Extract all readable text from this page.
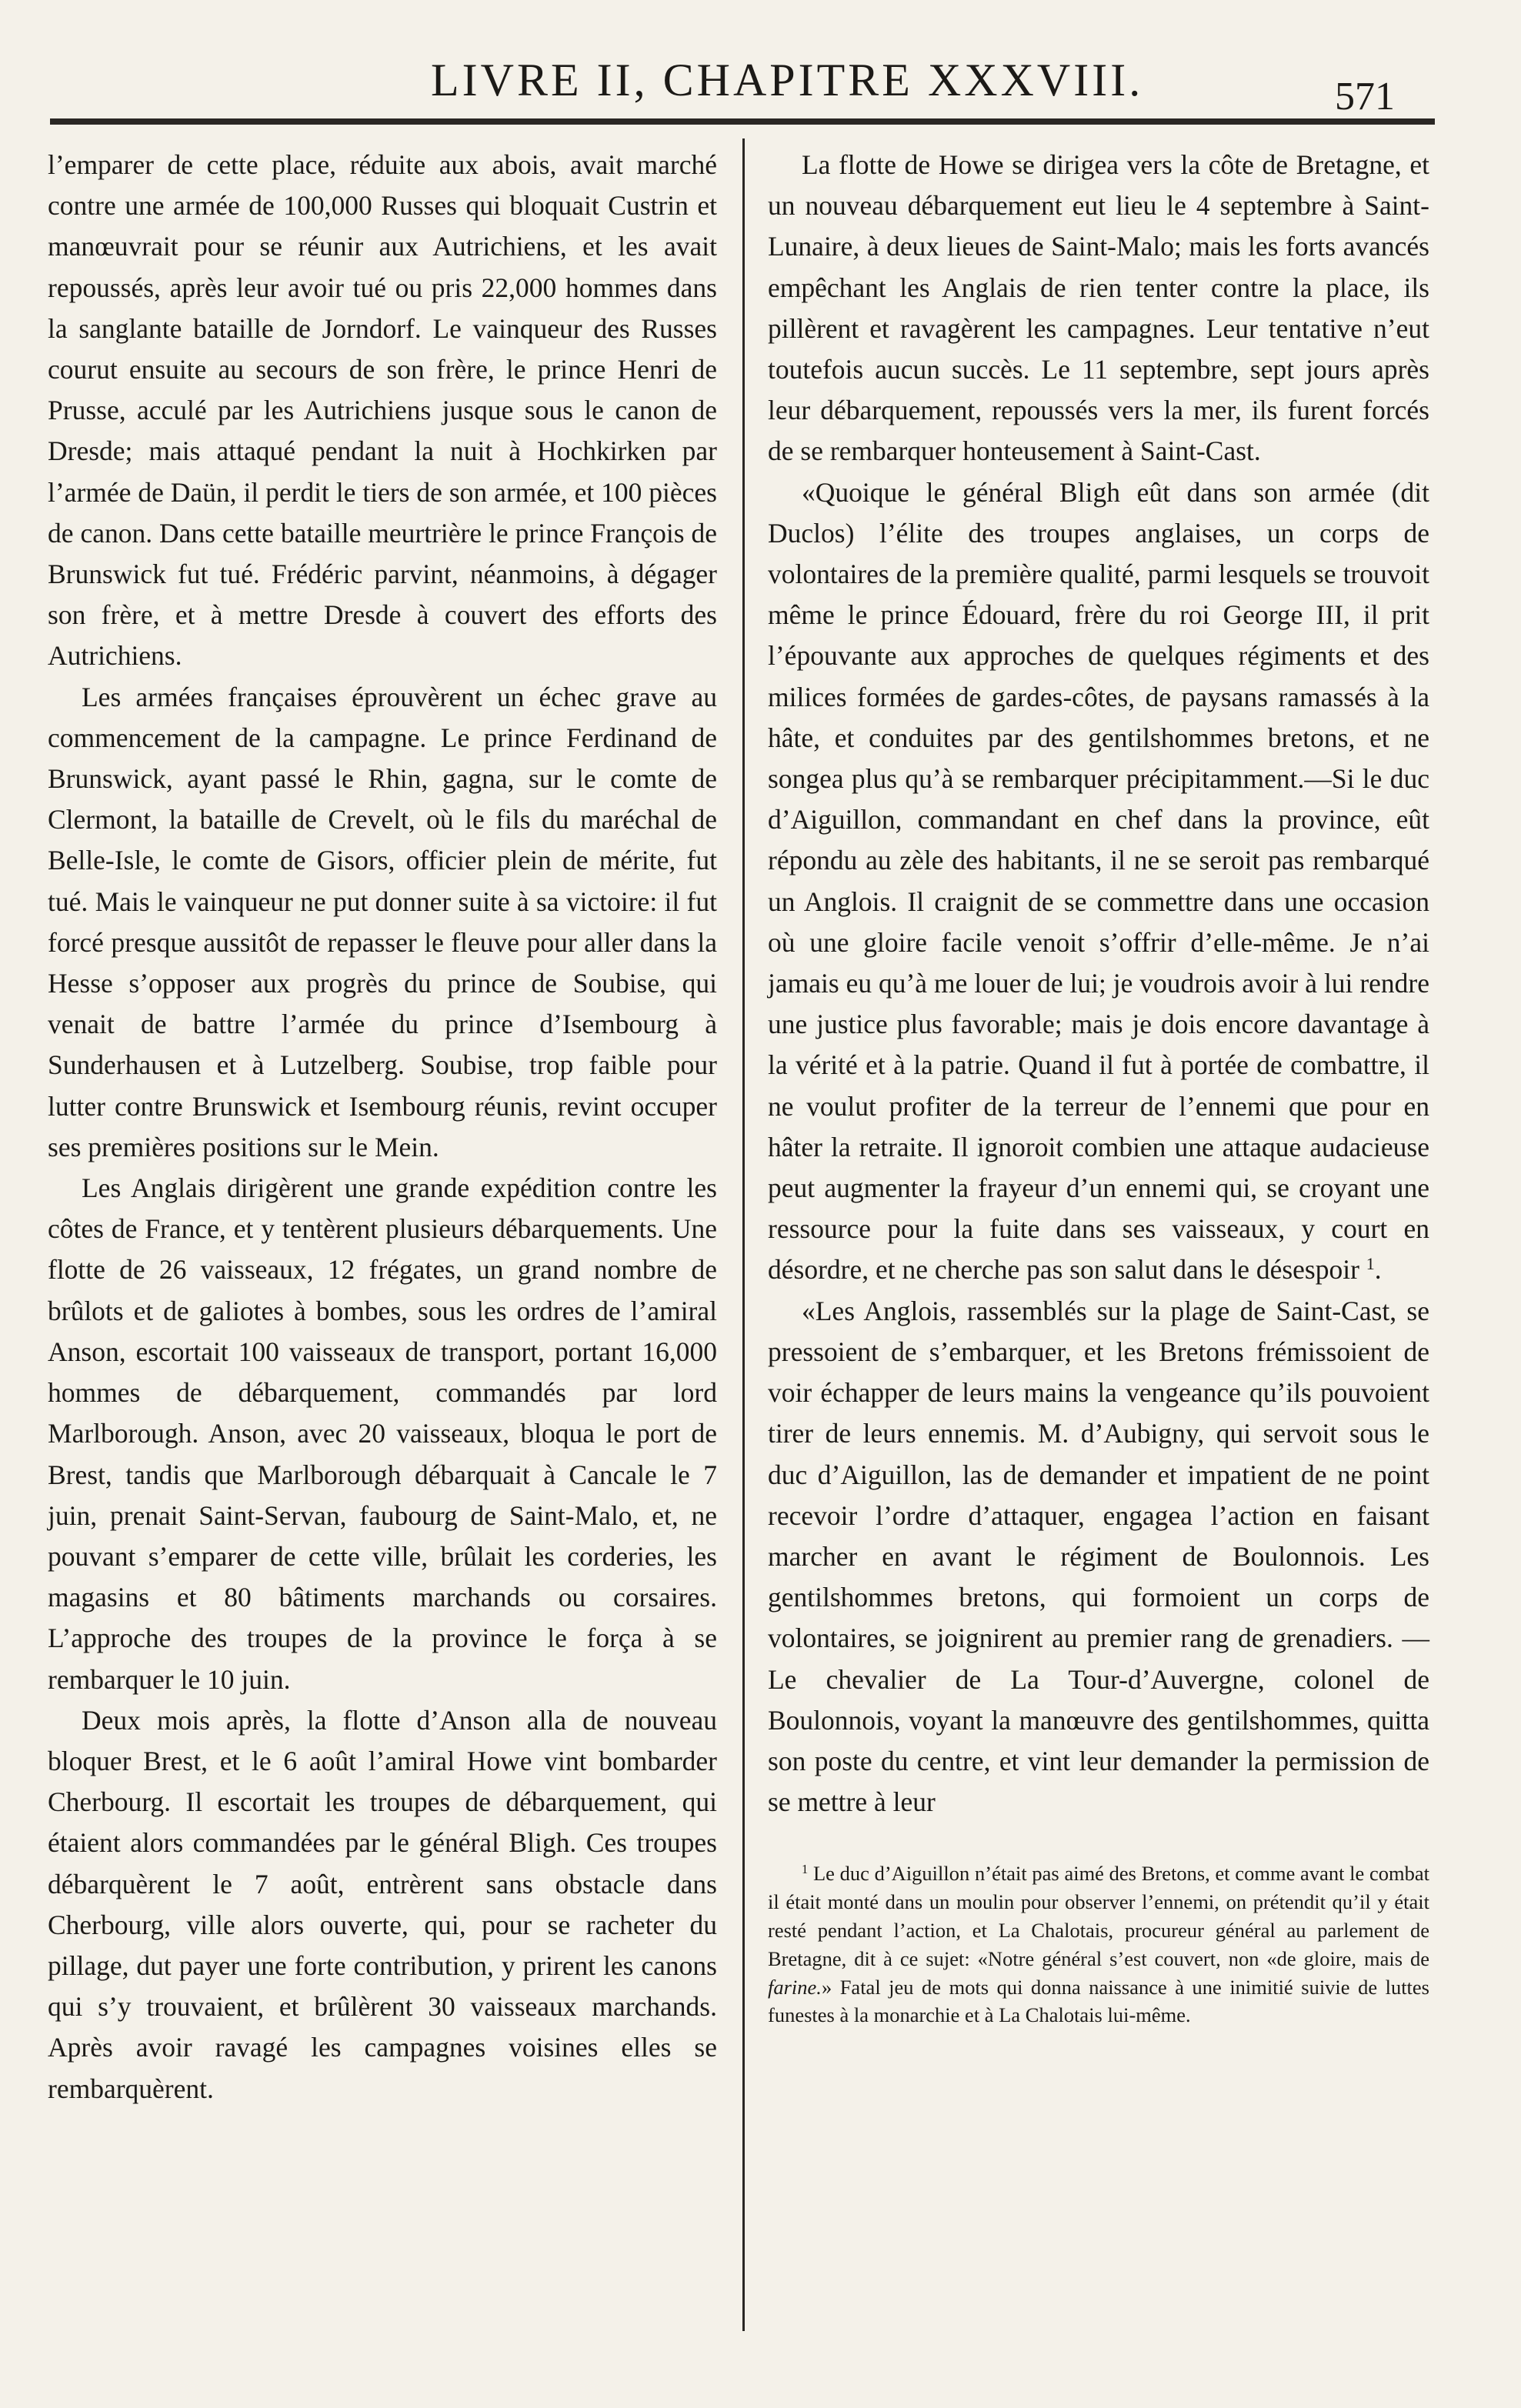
LIVRE II, CHAPITRE XXXVIII.	571

l’emparer de cette place, réduite aux abois, avait marché contre une armée de 100,000 Russes qui bloquait Custrin et manœuvrait pour se réunir aux Autrichiens, et les avait repoussés, après leur avoir tué ou pris 22,000 hommes dans la sanglante bataille de Jorndorf. Le vainqueur des Russes courut ensuite au secours de son frère, le prince Henri de Prusse, acculé par les Autrichiens jusque sous le canon de Dresde; mais attaqué pendant la nuit à Hochkirken par l’armée de Daün, il perdit le tiers de son armée, et 100 pièces de canon. Dans cette bataille meurtrière le prince François de Brunswick fut tué. Frédéric parvint, néanmoins, à dégager son frère, et à mettre Dresde à couvert des efforts des Autrichiens.

Les armées françaises éprouvèrent un échec grave au commencement de la campagne. Le prince Ferdinand de Brunswick, ayant passé le Rhin, gagna, sur le comte de Clermont, la bataille de Crevelt, où le fils du maréchal de Belle-Isle, le comte de Gisors, officier plein de mérite, fut tué. Mais le vainqueur ne put donner suite à sa victoire: il fut forcé presque aussitôt de repasser le fleuve pour aller dans la Hesse s’opposer aux progrès du prince de Soubise, qui venait de battre l’armée du prince d’Isembourg à Sunderhausen et à Lutzelberg. Soubise, trop faible pour lutter contre Brunswick et Isembourg réunis, revint occuper ses premières positions sur le Mein.

Les Anglais dirigèrent une grande expédition contre les côtes de France, et y tentèrent plusieurs débarquements. Une flotte de 26 vaisseaux, 12 frégates, un grand nombre de brûlots et de galiotes à bombes, sous les ordres de l’amiral Anson, escortait 100 vaisseaux de transport, portant 16,000 hommes de débarquement, commandés par lord Marlborough. Anson, avec 20 vaisseaux, bloqua le port de Brest, tandis que Marlborough débarquait à Cancale le 7 juin, prenait Saint-Servan, faubourg de Saint-Malo, et, ne pouvant s’emparer de cette ville, brûlait les corderies, les magasins et 80 bâtiments marchands ou corsaires. L’approche des troupes de la province le força à se rembarquer le 10 juin.

Deux mois après, la flotte d’Anson alla de nouveau bloquer Brest, et le 6 août l’amiral Howe vint bombarder Cherbourg. Il escortait les troupes de débarquement, qui étaient alors commandées par le général Bligh. Ces troupes débarquèrent le 7 août, entrèrent sans obstacle dans Cherbourg, ville alors ouverte, qui, pour se racheter du pillage, dut payer une forte contribution, y prirent les canons qui s’y trouvaient, et brûlèrent 30 vaisseaux marchands. Après avoir ravagé les campagnes voisines elles se rembarquèrent.

La flotte de Howe se dirigea vers la côte de Bretagne, et un nouveau débarquement eut lieu le 4 septembre à Saint-Lunaire, à deux lieues de Saint-Malo; mais les forts avancés empêchant les Anglais de rien tenter contre la place, ils pillèrent et ravagèrent les campagnes. Leur tentative n’eut toutefois aucun succès. Le 11 septembre, sept jours après leur débarquement, repoussés vers la mer, ils furent forcés de se rembarquer honteusement à Saint-Cast.

«Quoique le général Bligh eût dans son armée (dit Duclos) l’élite des troupes anglaises, un corps de volontaires de la première qualité, parmi lesquels se trouvoit même le prince Édouard, frère du roi George III, il prit l’épouvante aux approches de quelques régiments et des milices formées de gardes-côtes, de paysans ramassés à la hâte, et conduites par des gentilshommes bretons, et ne songea plus qu’à se rembarquer précipitamment.—Si le duc d’Aiguillon, commandant en chef dans la province, eût répondu au zèle des habitants, il ne se seroit pas rembarqué un Anglois. Il craignit de se commettre dans une occasion où une gloire facile venoit s’offrir d’elle-même. Je n’ai jamais eu qu’à me louer de lui; je voudrois avoir à lui rendre une justice plus favorable; mais je dois encore davantage à la vérité et à la patrie. Quand il fut à portée de combattre, il ne voulut profiter de la terreur de l’ennemi que pour en hâter la retraite. Il ignoroit combien une attaque audacieuse peut augmenter la frayeur d’un ennemi qui, se croyant une ressource pour la fuite dans ses vaisseaux, y court en désordre, et ne cherche pas son salut dans le désespoir $^1$.

«Les Anglois, rassemblés sur la plage de Saint-Cast, se pressoient de s’embarquer, et les Bretons frémissoient de voir échapper de leurs mains la vengeance qu’ils pouvoient tirer de leurs ennemis. M. d’Aubigny, qui servoit sous le duc d’Aiguillon, las de demander et impatient de ne point recevoir l’ordre d’attaquer, engagea l’action en faisant marcher en avant le régiment de Boulonnois. Les gentilshommes bretons, qui formoient un corps de volontaires, se joignirent au premier rang de grenadiers. — Le chevalier de La Tour-d’Auvergne, colonel de Boulonnois, voyant la manœuvre des gentilshommes, quitta son poste du centre, et vint leur demander la permission de se mettre à leur

$^1$ Le duc d’Aiguillon n’était pas aimé des Bretons, et comme avant le combat il était monté dans un moulin pour observer l’ennemi, on prétendit qu’il y était resté pendant l’action, et La Chalotais, procureur général au parlement de Bretagne, dit à ce sujet: «Notre général s’est couvert, non «de gloire, mais de farine.» Fatal jeu de mots qui donna naissance à une inimitié suivie de luttes funestes à la monarchie et à La Chalotais lui-même.
